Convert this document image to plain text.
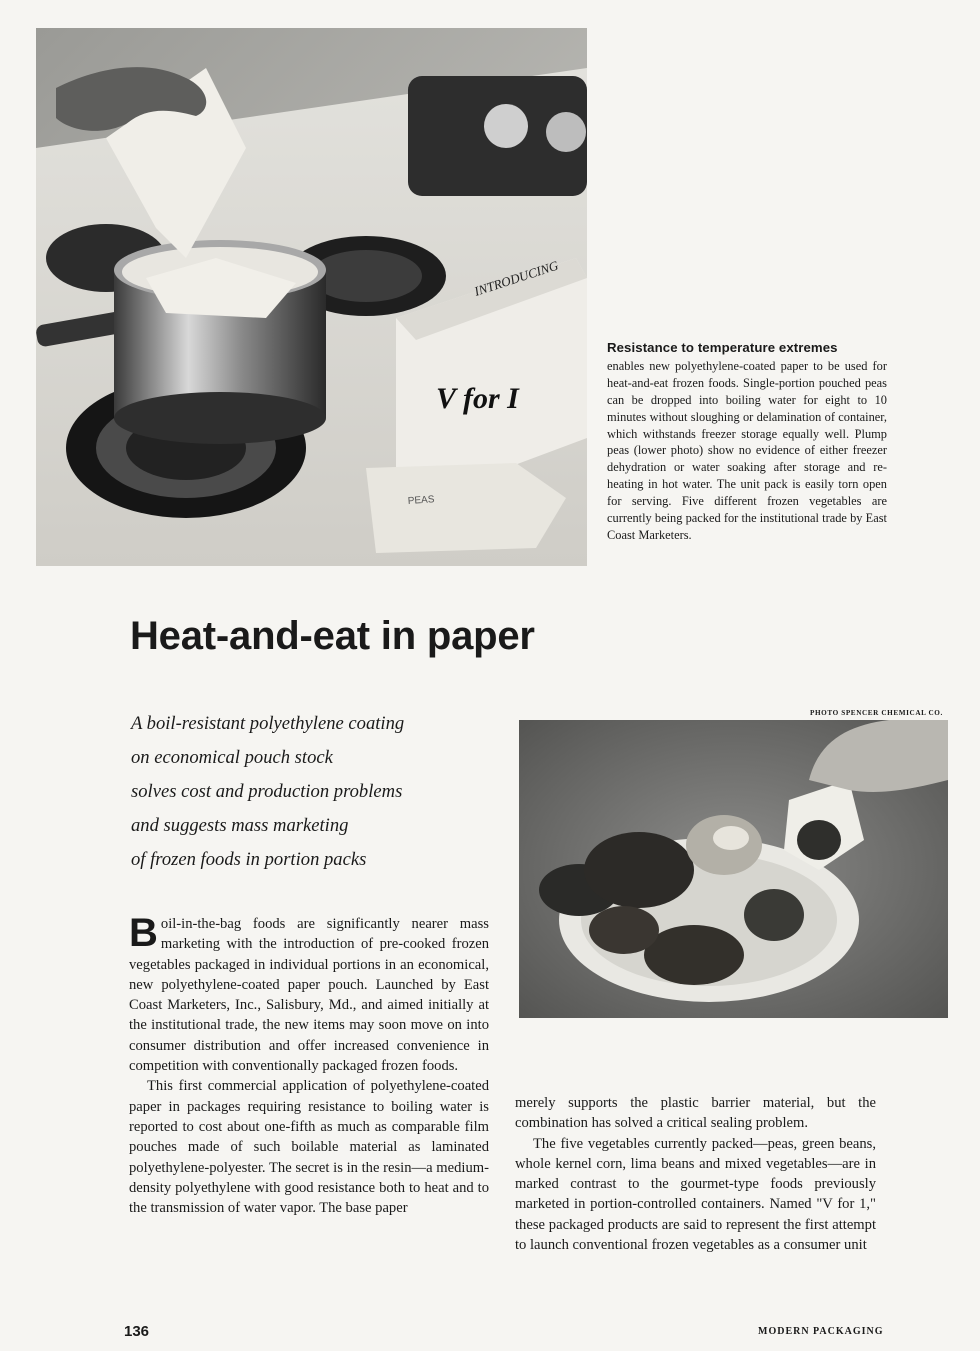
INTRODUCING
V for I
PEAS
Resistance to temperature extremes
enables new polyethylene-coated paper to be used for heat-and-eat frozen foods. Single-portion pouched peas can be dropped into boiling water for eight to 10 minutes without sloughing or delamination of container, which withstands freezer storage equally well. Plump peas (lower photo) show no evidence of either freezer dehydration or water soaking after storage and re-heating in hot water. The unit pack is easily torn open for serving. Five different frozen vegetables are currently being packed for the institutional trade by East Coast Marketers.
Heat-and-eat in paper
A boil-resistant polyethylene coating
on economical pouch stock
solves cost and production problems
and suggests mass marketing
of frozen foods in portion packs
PHOTO SPENCER CHEMICAL CO.

Boil-in-the-bag foods are significantly nearer mass marketing with the introduction of pre-cooked frozen vegetables packaged in individual portions in an economical, new polyethylene-coated paper pouch. Launched by East Coast Marketers, Inc., Salisbury, Md., and aimed initially at the institutional trade, the new items may soon move on into consumer distribution and offer increased convenience in competition with conventionally packaged frozen foods.

This first commercial application of polyethylene-coated paper in packages requiring resistance to boiling water is reported to cost about one-fifth as much as comparable film pouches made of such boilable material as laminated polyethylene-polyester. The secret is in the resin—a medium-density polyethylene with good resistance both to heat and to the transmission of water vapor. The base paper

merely supports the plastic barrier material, but the combination has solved a critical sealing problem.

The five vegetables currently packed—peas, green beans, whole kernel corn, lima beans and mixed vegetables—are in marked contrast to the gourmet-type foods previously marketed in portion-controlled containers. Named "V for 1," these packaged products are said to represent the first attempt to launch conventional frozen vegetables as a consumer unit

136	MODERN PACKAGING
